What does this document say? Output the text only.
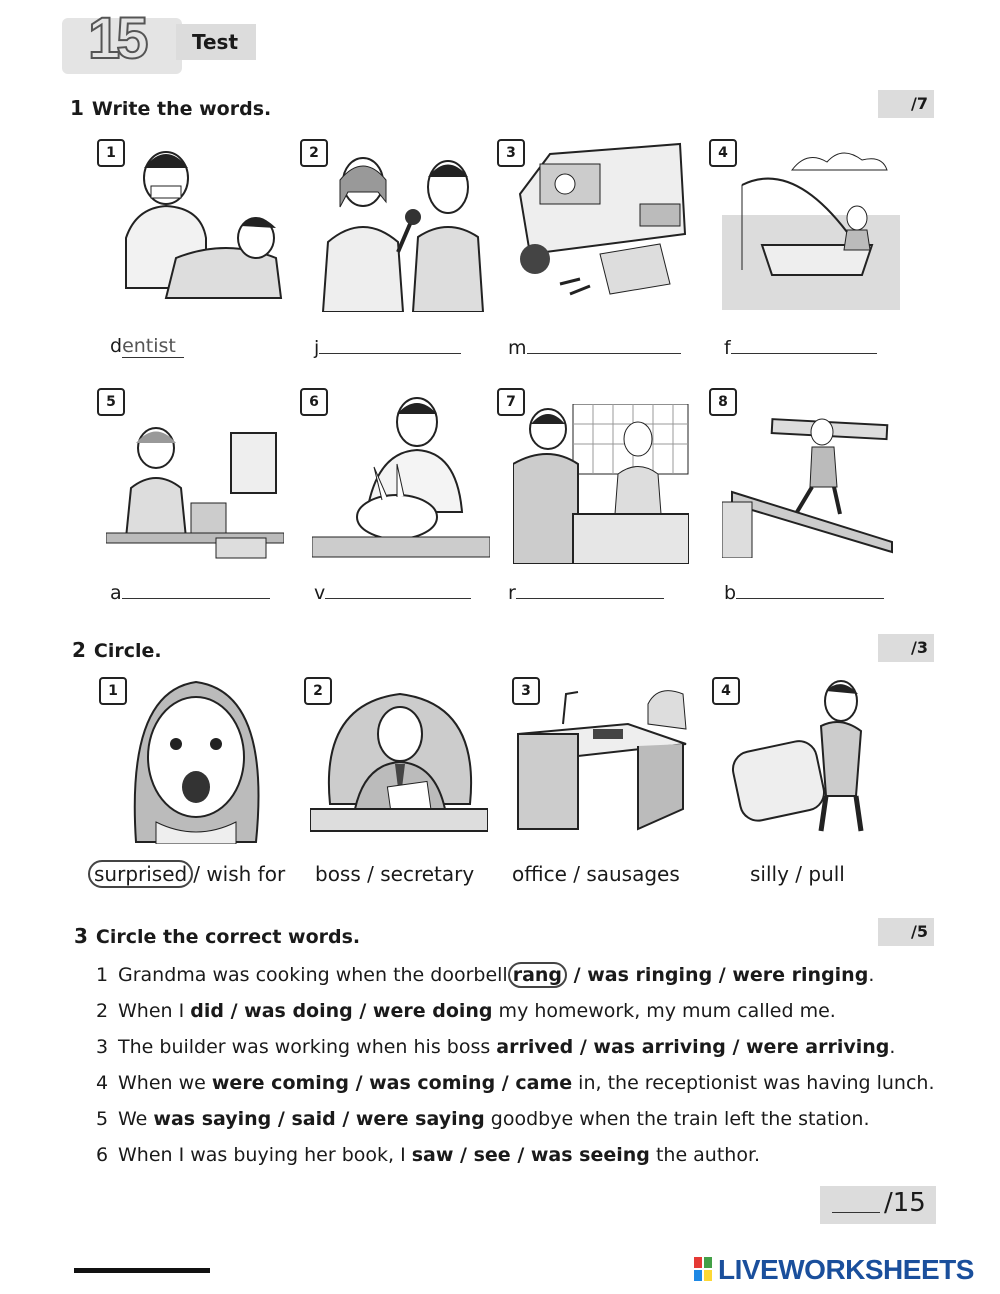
15 Test
1 Write the words.	/7
1	2	3	4
dentist	j	m	f
5	6	7	8
a	v	r	b
2 Circle.	/3
1	2	3	4
surprised / wish for boss / secretary office / sausages	silly / pull
3 Circle the correct words.	/5
1 Grandma was cooking when the doorbell rang / was ringing / were ringing.
2 When I did / was doing / were doing my homework, my mum called me.
3 The builder was working when his boss arrived / was arriving / were arriving.
4 When we were coming / was coming / came in, the receptionist was having lunch.
5 We was saying / said / were saying goodbye when the train left the station.
6 When I was buying her book, I saw / see / was seeing the author.
/15
LIVEWORKSHEETS
